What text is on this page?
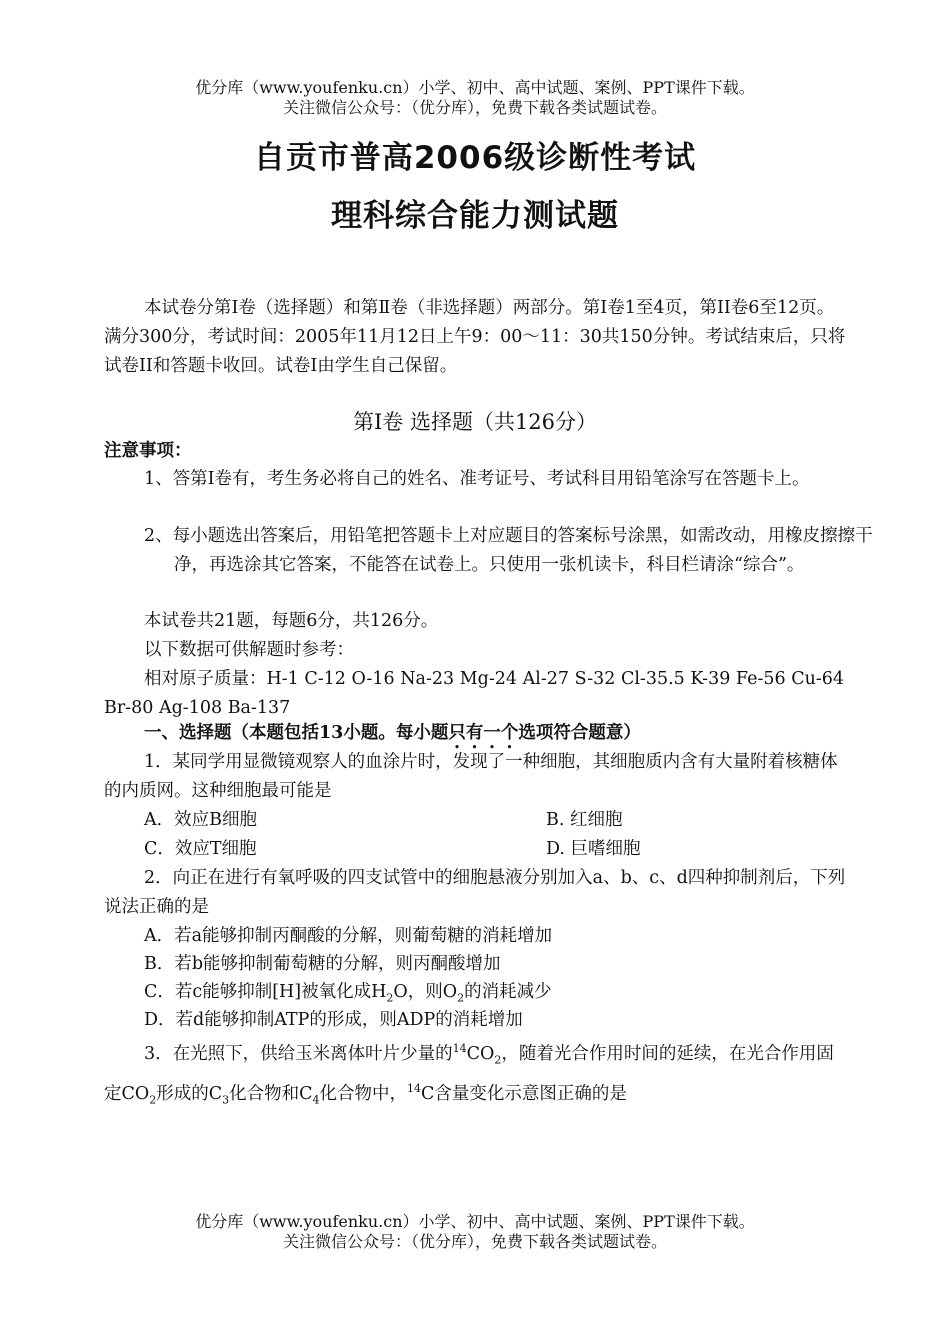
优分库（www.youfenku.cn）小学、初中、高中试题、案例、PPT课件下载。
关注微信公众号：（优分库），免费下载各类试题试卷。
自贡市普高2006级诊断性考试
理科综合能力测试题
本试卷分第Ⅰ卷（选择题）和第Ⅱ卷（非选择题）两部分。第Ⅰ卷1至4页，第II卷6至12页。满分300分，考试时间：2005年11月12日上午9：00～11：30共150分钟。考试结束后，只将试卷II和答题卡收回。试卷I由学生自己保留。
第I卷 选择题（共126分）
注意事项：
1、答第Ⅰ卷有，考生务必将自己的姓名、准考证号、考试科目用铅笔涂写在答题卡上。
2、每小题选出答案后，用铅笔把答题卡上对应题目的答案标号涂黑，如需改动，用橡皮擦擦干净，再选涂其它答案，不能答在试卷上。只使用一张机读卡，科目栏请涂“综合”。
本试卷共21题，每题6分，共126分。
以下数据可供解题时参考：
相对原子质量：H-1 C-12 O-16 Na-23 Mg-24 Al-27 S-32 Cl-35.5 K-39 Fe-56 Cu-64 Br-80 Ag-108 Ba-137
一、选择题（本题包括13小题。每小题只有一个选项符合题意）
1．某同学用显微镜观察人的血涂片时，发现了一种细胞，其细胞质内含有大量附着核糖体的内质网。这种细胞最可能是
A．效应B细胞	B. 红细胞
C．效应T细胞	D. 巨嗜细胞
2．向正在进行有氧呼吸的四支试管中的细胞悬液分别加入a、b、c、d四种抑制剂后，下列说法正确的是
A．若a能够抑制丙酮酸的分解，则葡萄糖的消耗增加
B．若b能够抑制葡萄糖的分解，则丙酮酸增加
C．若c能够抑制[H]被氧化成$H_2O$，则$O_2$的消耗减少
D．若d能够抑制ATP的形成，则ADP的消耗增加
3．在光照下，供给玉米离体叶片少量的$^{14}CO_2$，随着光合作用时间的延续，在光合作用固定$CO_2$形成的$C_3$化合物和$C_4$化合物中，$^{14}$C含量变化示意图正确的是
优分库（www.youfenku.cn）小学、初中、高中试题、案例、PPT课件下载。
关注微信公众号：（优分库），免费下载各类试题试卷。
